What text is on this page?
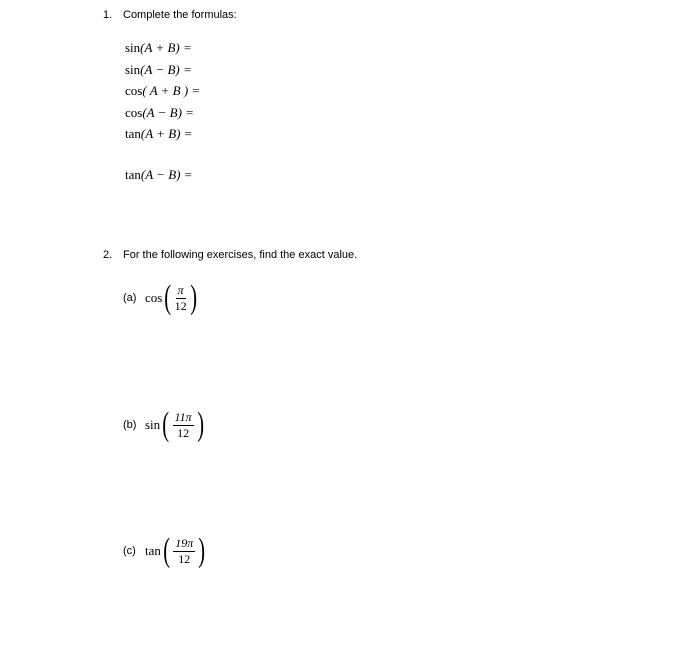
1. Complete the formulas:
sin(A + B) =
sin(A − B) =
cos( A + B ) =
cos(A − B) =
tan(A + B) =
tan(A − B) =
2. For the following exercises, find the exact value.
(a) cos ( $\frac{\pi}{12}$ )
(b) sin ( $\frac{11\pi}{12}$ )
(c) tan ( $\frac{19\pi}{12}$ )
